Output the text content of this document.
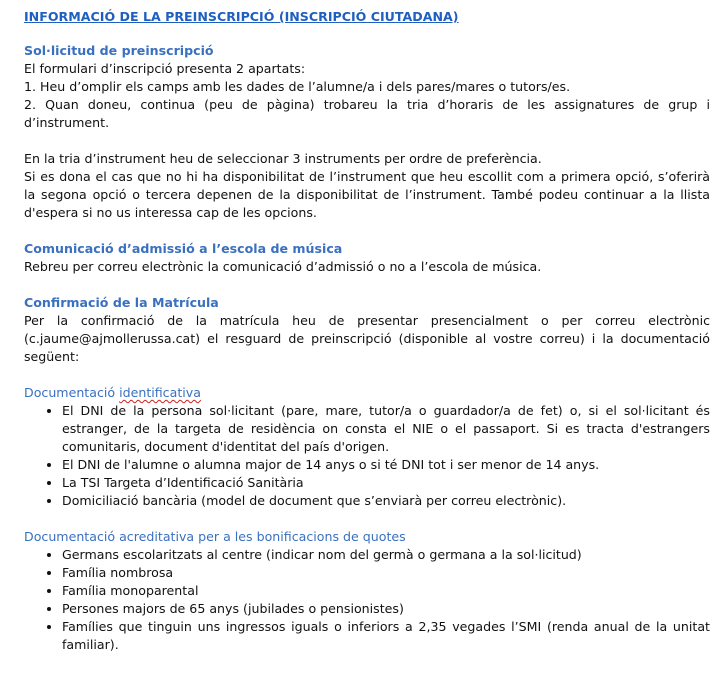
INFORMACIÓ DE LA PREINSCRIPCIÓ (INSCRIPCIÓ CIUTADANA)

Sol·licitud de preinscripció

El formulari d’inscripció presenta 2 apartats:

1. Heu d’omplir els camps amb les dades de l’alumne/a i dels pares/mares o tutors/es.

2. Quan doneu, continua (peu de pàgina) trobareu la tria d’horaris de les assignatures de grup i d’instrument.

En la tria d’instrument heu de seleccionar 3 instruments per ordre de preferència.

Si es dona el cas que no hi ha disponibilitat de l’instrument que heu escollit com a primera opció, s’oferirà la segona opció o tercera depenen de la disponibilitat de l’instrument. També podeu continuar a la llista d'espera si no us interessa cap de les opcions.

Comunicació d’admissió a l’escola de música

Rebreu per correu electrònic la comunicació d’admissió o no a l’escola de música.

Confirmació de la Matrícula

Per la confirmació de la matrícula heu de presentar presencialment o per correu electrònic (c.jaume@ajmollerussa.cat) el resguard de preinscripció (disponible al vostre correu) i la documentació següent:

Documentació identificativa

• El DNI de la persona sol·licitant (pare, mare, tutor/a o guardador/a de fet) o, si el sol·licitant és estranger, de la targeta de residència on consta el NIE o el passaport. Si es tracta d'estrangers comunitaris, document d'identitat del país d'origen.
• El DNI de l'alumne o alumna major de 14 anys o si té DNI tot i ser menor de 14 anys.
• La TSI Targeta d’Identificació Sanitària
• Domiciliació bancària (model de document que s’enviarà per correu electrònic).

Documentació acreditativa per a les bonificacions de quotes

• Germans escolaritzats al centre (indicar nom del germà o germana a la sol·licitud)
• Família nombrosa
• Família monoparental
• Persones majors de 65 anys (jubilades o pensionistes)
• Famílies que tinguin uns ingressos iguals o inferiors a 2,35 vegades l’SMI (renda anual de la unitat familiar).
